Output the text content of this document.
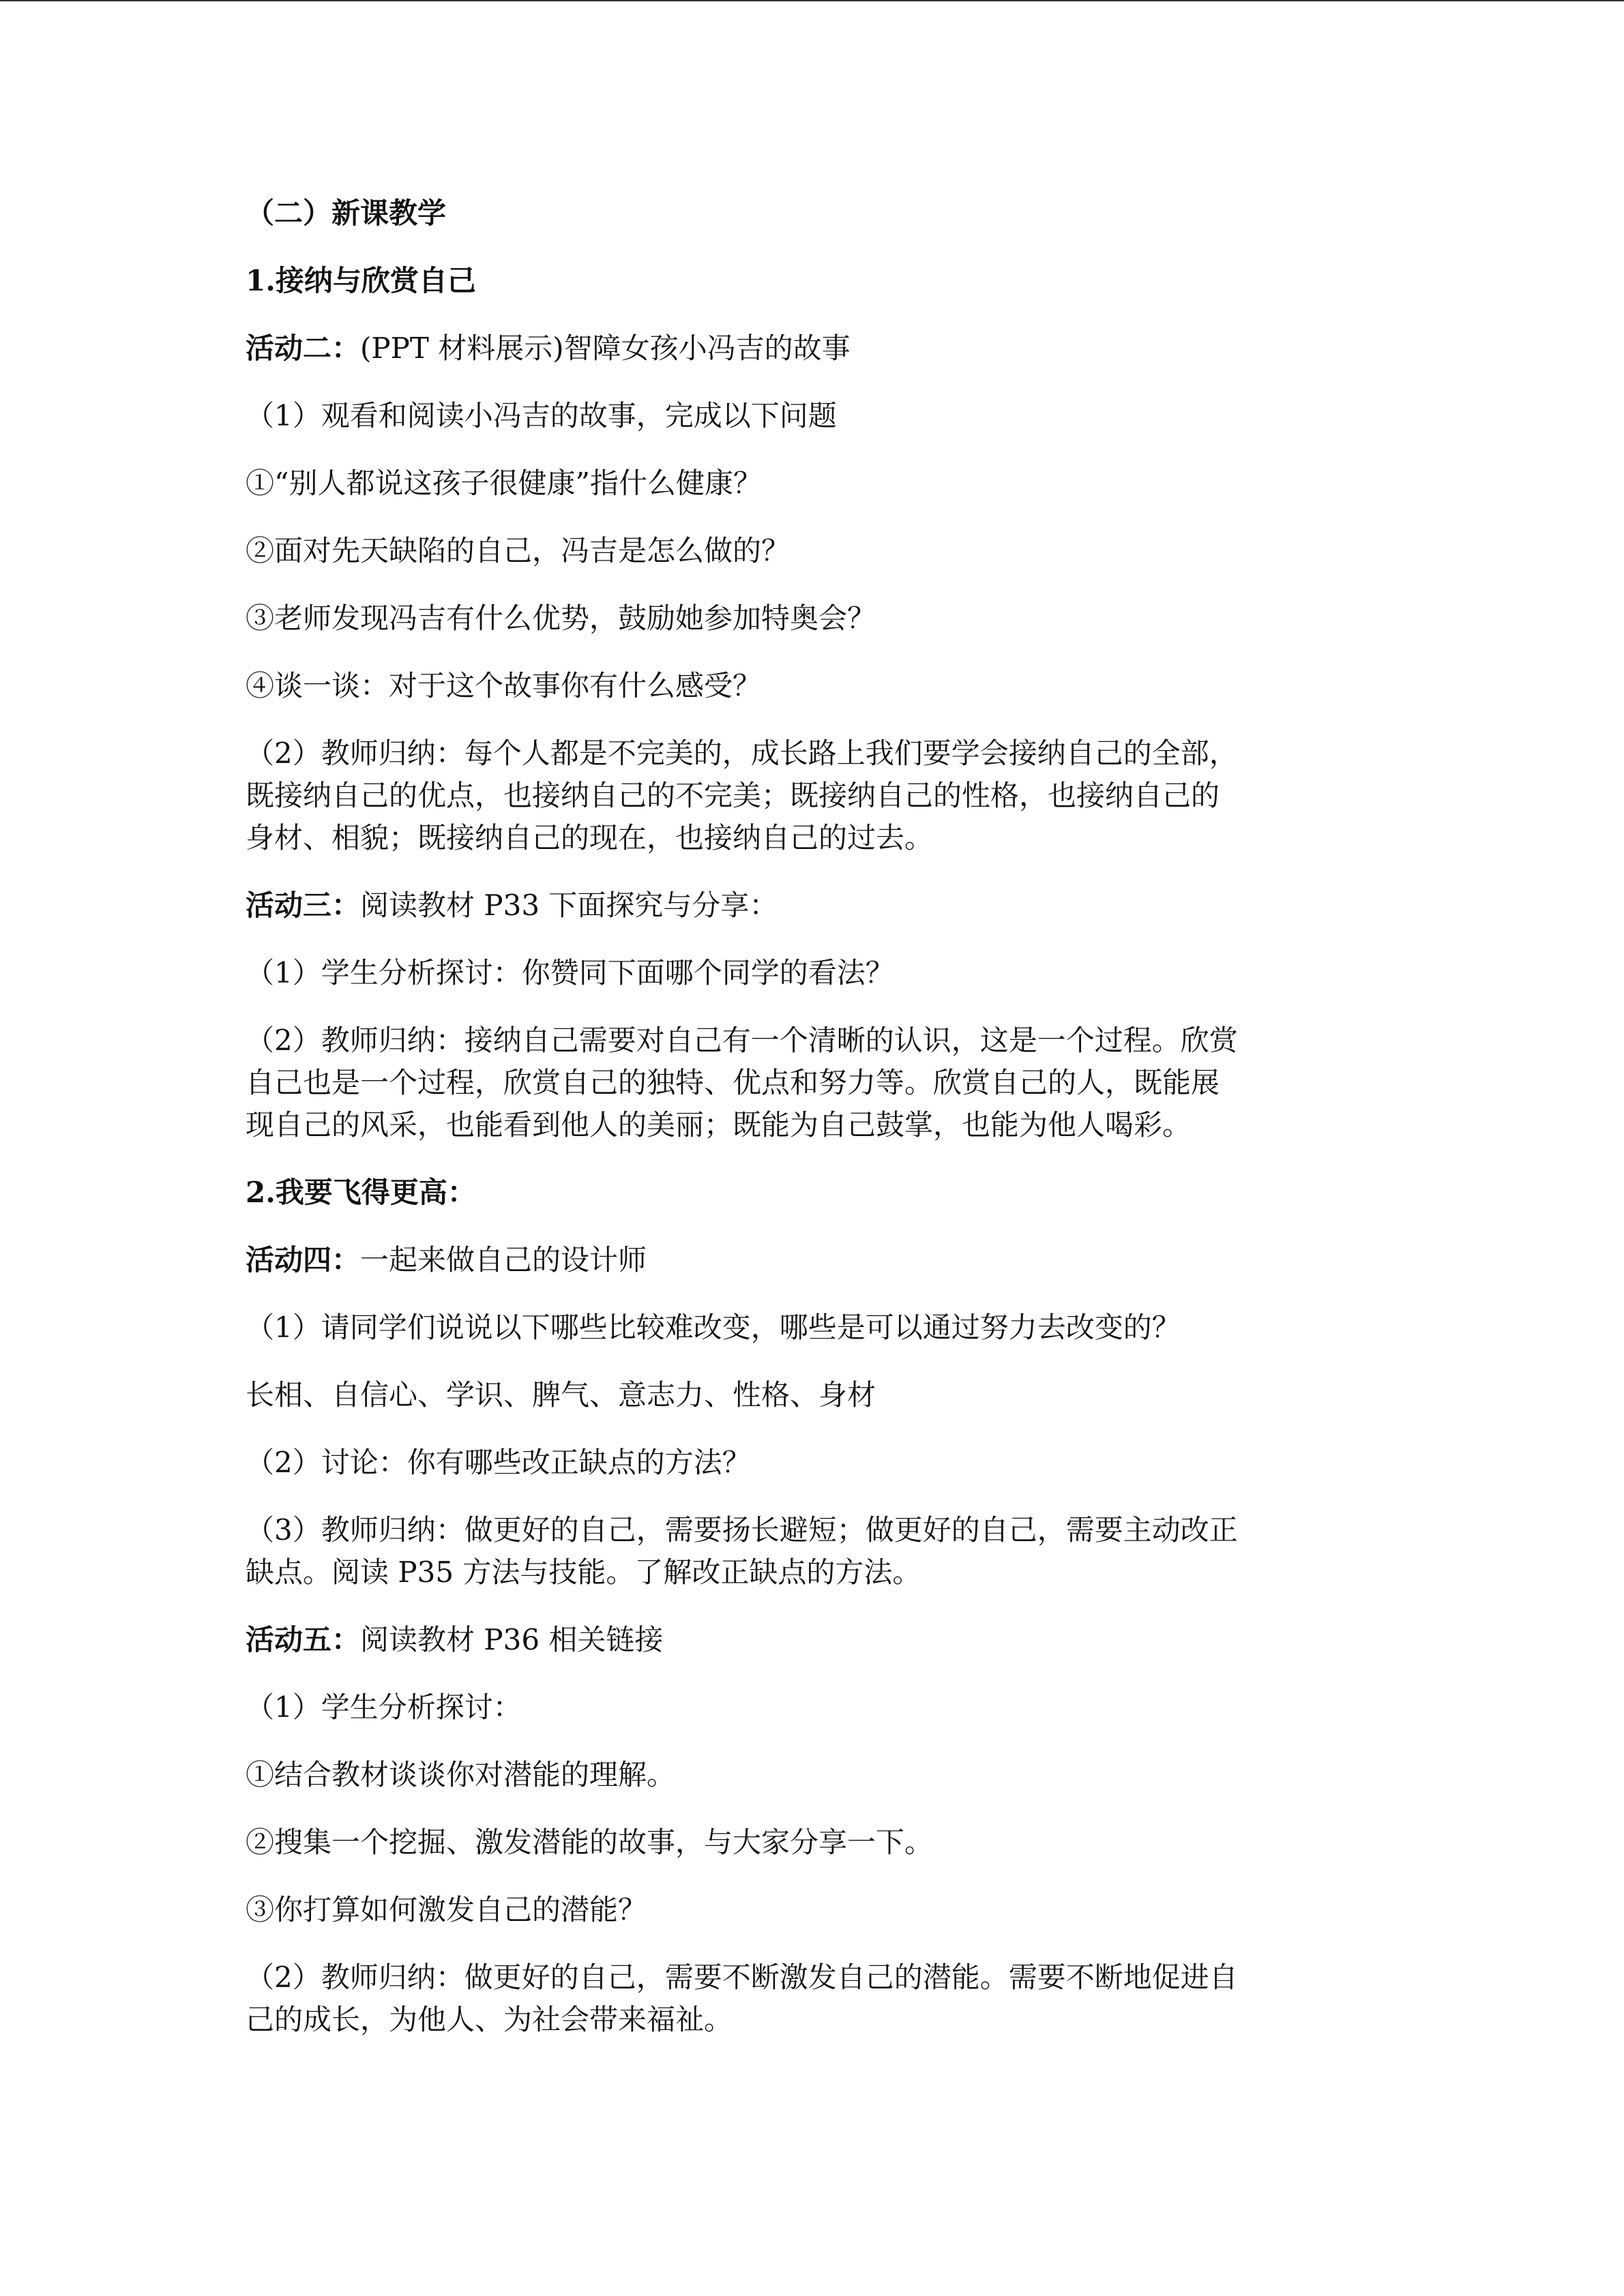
（二）新课教学
1.接纳与欣赏自己
活动二：(PPT 材料展示)智障女孩小冯吉的故事
（1）观看和阅读小冯吉的故事，完成以下问题
①“别人都说这孩子很健康”指什么健康？
②面对先天缺陷的自己，冯吉是怎么做的？
③老师发现冯吉有什么优势，鼓励她参加特奥会？
④谈一谈：对于这个故事你有什么感受？
（2）教师归纳：每个人都是不完美的，成长路上我们要学会接纳自己的全部，
既接纳自己的优点，也接纳自己的不完美；既接纳自己的性格，也接纳自己的
身材、相貌；既接纳自己的现在，也接纳自己的过去。
活动三：阅读教材 P33 下面探究与分享：
（1）学生分析探讨：你赞同下面哪个同学的看法？
（2）教师归纳：接纳自己需要对自己有一个清晰的认识，这是一个过程。欣赏
自己也是一个过程，欣赏自己的独特、优点和努力等。欣赏自己的人，既能展
现自己的风采，也能看到他人的美丽；既能为自己鼓掌，也能为他人喝彩。
2.我要飞得更高：
活动四：一起来做自己的设计师
（1）请同学们说说以下哪些比较难改变，哪些是可以通过努力去改变的？
长相、自信心、学识、脾气、意志力、性格、身材
（2）讨论：你有哪些改正缺点的方法？
（3）教师归纳：做更好的自己，需要扬长避短；做更好的自己，需要主动改正
缺点。阅读 P35 方法与技能。了解改正缺点的方法。
活动五：阅读教材 P36 相关链接
（1）学生分析探讨：
①结合教材谈谈你对潜能的理解。
②搜集一个挖掘、激发潜能的故事，与大家分享一下。
③你打算如何激发自己的潜能？
（2）教师归纳：做更好的自己，需要不断激发自己的潜能。需要不断地促进自
己的成长，为他人、为社会带来福祉。
